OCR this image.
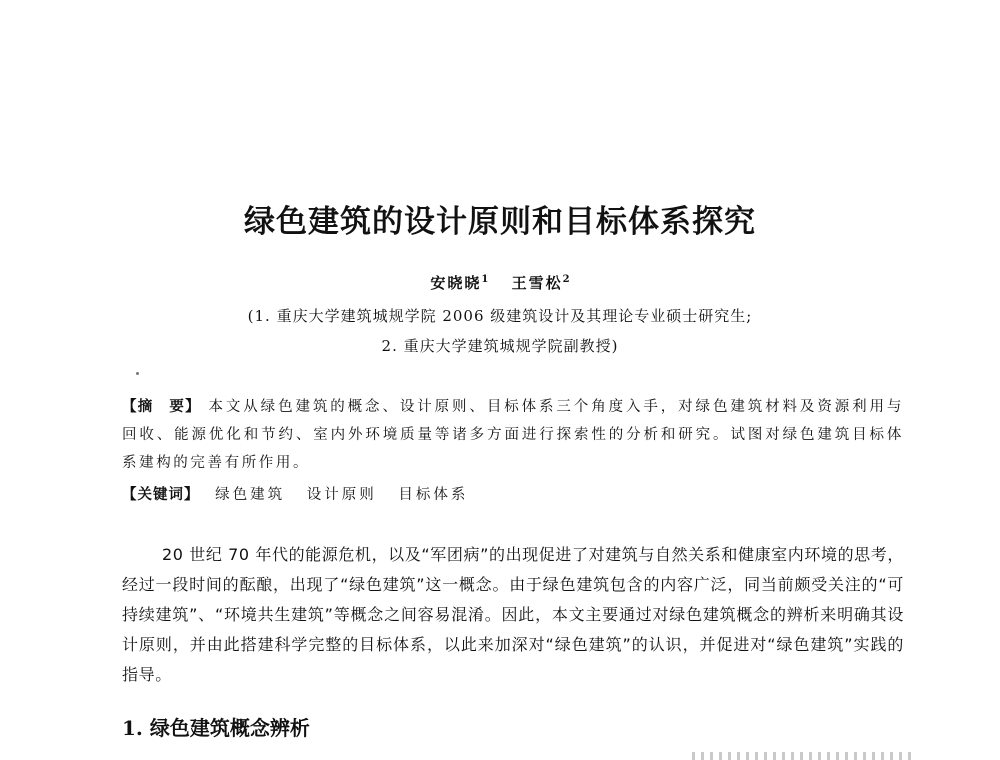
绿色建筑的设计原则和目标体系探究
安晓晓$^1$ 王雪松$^2$
(1. 重庆大学建筑城规学院 2006 级建筑设计及其理论专业硕士研究生;
2. 重庆大学建筑城规学院副教授)
【摘　要】 本文从绿色建筑的概念、设计原则、目标体系三个角度入手，对绿色建筑材料及资源利用与回收、能源优化和节约、室内外环境质量等诸多方面进行探索性的分析和研究。试图对绿色建筑目标体系建构的完善有所作用。
【关键词】 绿色建筑 设计原则 目标体系
20 世纪 70 年代的能源危机，以及“军团病”的出现促进了对建筑与自然关系和健康室内环境的思考，经过一段时间的酝酿，出现了“绿色建筑”这一概念。由于绿色建筑包含的内容广泛，同当前颇受关注的“可持续建筑”、“环境共生建筑”等概念之间容易混淆。因此，本文主要通过对绿色建筑概念的辨析来明确其设计原则，并由此搭建科学完整的目标体系，以此来加深对“绿色建筑”的认识，并促进对“绿色建筑”实践的指导。
1. 绿色建筑概念辨析
